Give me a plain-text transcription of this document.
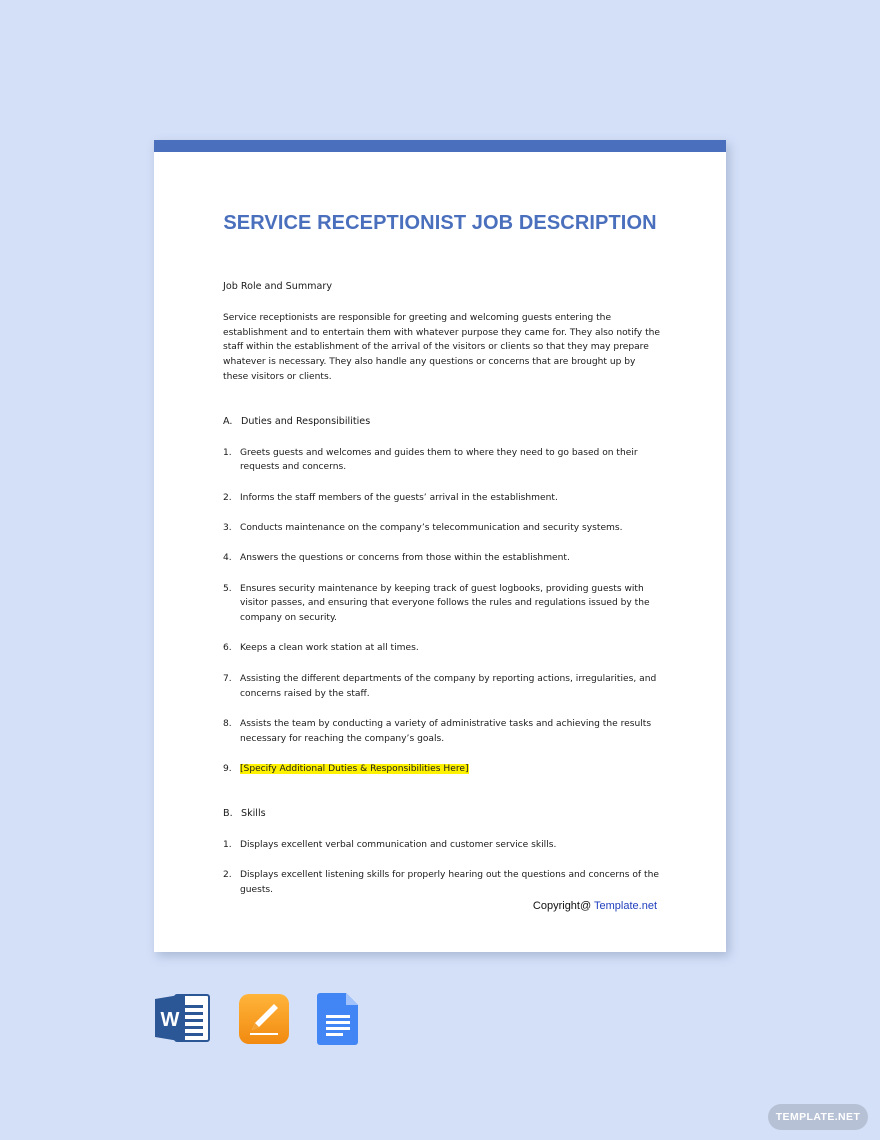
SERVICE RECEPTIONIST JOB DESCRIPTION
Job Role and Summary
Service receptionists are responsible for greeting and welcoming guests entering the establishment and to entertain them with whatever purpose they came for. They also notify the staff within the establishment of the arrival of the visitors or clients so that they may prepare whatever is necessary. They also handle any questions or concerns that are brought up by these visitors or clients.
A. Duties and Responsibilities
1. Greets guests and welcomes and guides them to where they need to go based on their requests and concerns.
2. Informs the staff members of the guests’ arrival in the establishment.
3. Conducts maintenance on the company’s telecommunication and security systems.
4. Answers the questions or concerns from those within the establishment.
5. Ensures security maintenance by keeping track of guest logbooks, providing guests with visitor passes, and ensuring that everyone follows the rules and regulations issued by the company on security.
6. Keeps a clean work station at all times.
7. Assisting the different departments of the company by reporting actions, irregularities, and concerns raised by the staff.
8. Assists the team by conducting a variety of administrative tasks and achieving the results necessary for reaching the company’s goals.
9. [Specify Additional Duties & Responsibilities Here]
B. Skills
1. Displays excellent verbal communication and customer service skills.
2. Displays excellent listening skills for properly hearing out the questions and concerns of the guests.
Copyright@ Template.net
W
TEMPLATE.NET
